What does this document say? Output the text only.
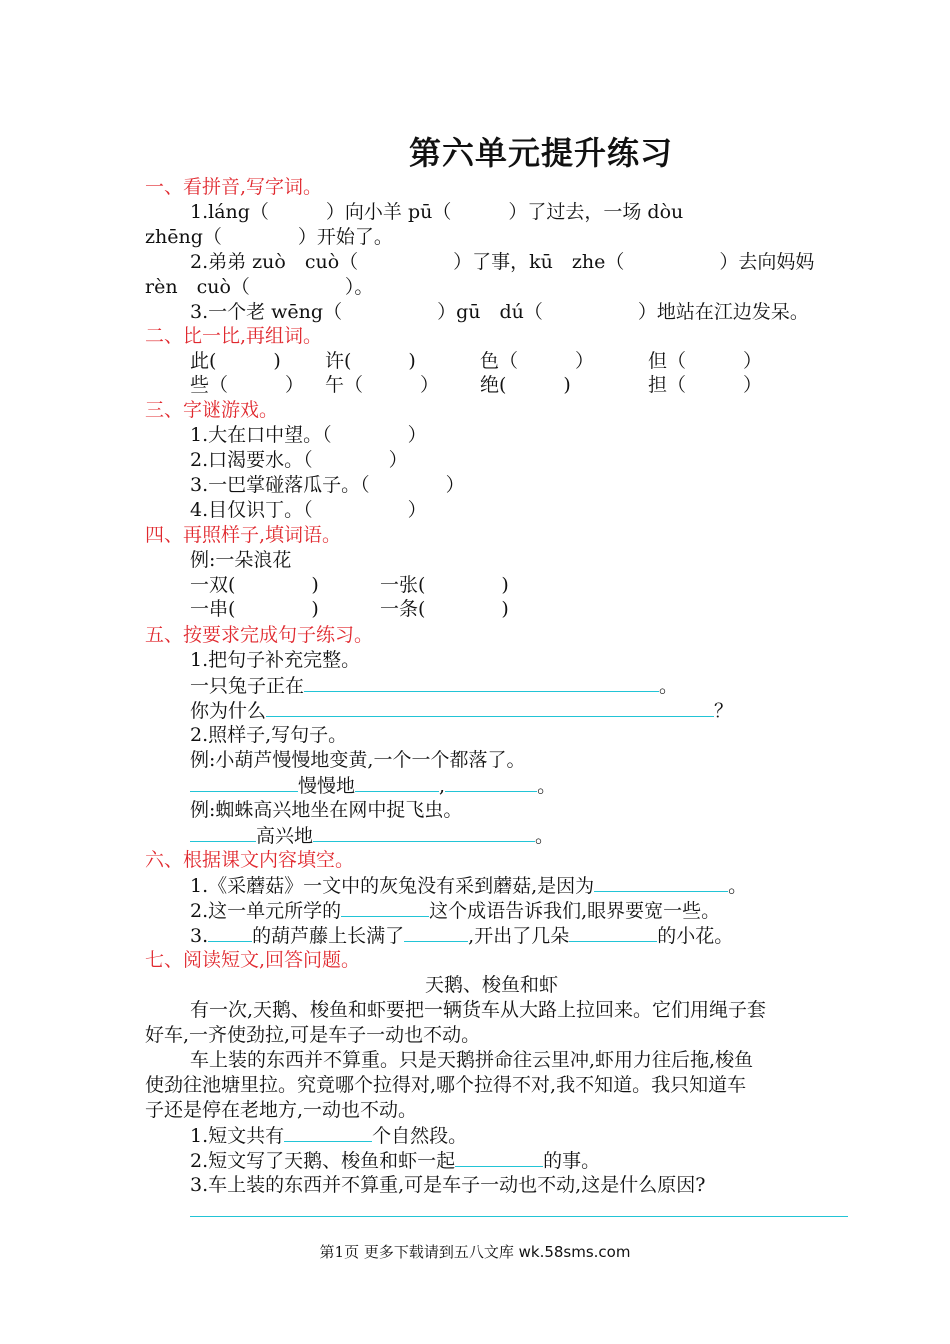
第六单元提升练习
一、看拼音,写字词。
1.láng（　　　）向小羊 pū（　　　）了过去，一场 dòu
zhēng（　　　　）开始了。
2.弟弟 zuò　cuò（　　　　　）了事，kū　zhe（　　　　　）去向妈妈
rèn　cuò（　　　　　）。
3.一个老 wēng（　　　　　）gū　dú（　　　　　）地站在江边发呆。
二、比一比,再组词。
此(　　　) 许(　　　)	色（　　　）	但（　　　）
些（　　　） 午（　　　） 绝(　　　)	担（　　　）
三、字谜游戏。
1.大在口中望。（　　　　）
2.口渴要水。（　　　　）
3.一巴掌碰落瓜子。（　　　　）
4.目仅识丁。（　　　　　）
四、再照样子,填词语。
例:一朵浪花
一双(　　　　)	一张(　　　　)
一串(　　　　)	一条(　　　　)
五、按要求完成句子练习。
1.把句子补充完整。
一只兔子正在	。
你为什么	？
2.照样子,写句子。
例:小葫芦慢慢地变黄,一个一个都落了。
慢慢地	,	。
例:蜘蛛高兴地坐在网中捉飞虫。
高兴地	。
六、根据课文内容填空。
1.《采蘑菇》一文中的灰兔没有采到蘑菇,是因为	。
2.这一单元所学的	这个成语告诉我们,眼界要宽一些。
3. 的葫芦藤上长满了	,开出了几朵	的小花。
七、阅读短文,回答问题。
天鹅、梭鱼和虾
有一次,天鹅、梭鱼和虾要把一辆货车从大路上拉回来。它们用绳子套
好车,一齐使劲拉,可是车子一动也不动。
车上装的东西并不算重。只是天鹅拼命往云里冲,虾用力往后拖,梭鱼
使劲往池塘里拉。究竟哪个拉得对,哪个拉得不对,我不知道。我只知道车
子还是停在老地方,一动也不动。
1.短文共有	个自然段。
2.短文写了天鹅、梭鱼和虾一起	的事。
3.车上装的东西并不算重,可是车子一动也不动,这是什么原因?
第1页 更多下载请到五八文库 wk.58sms.com
